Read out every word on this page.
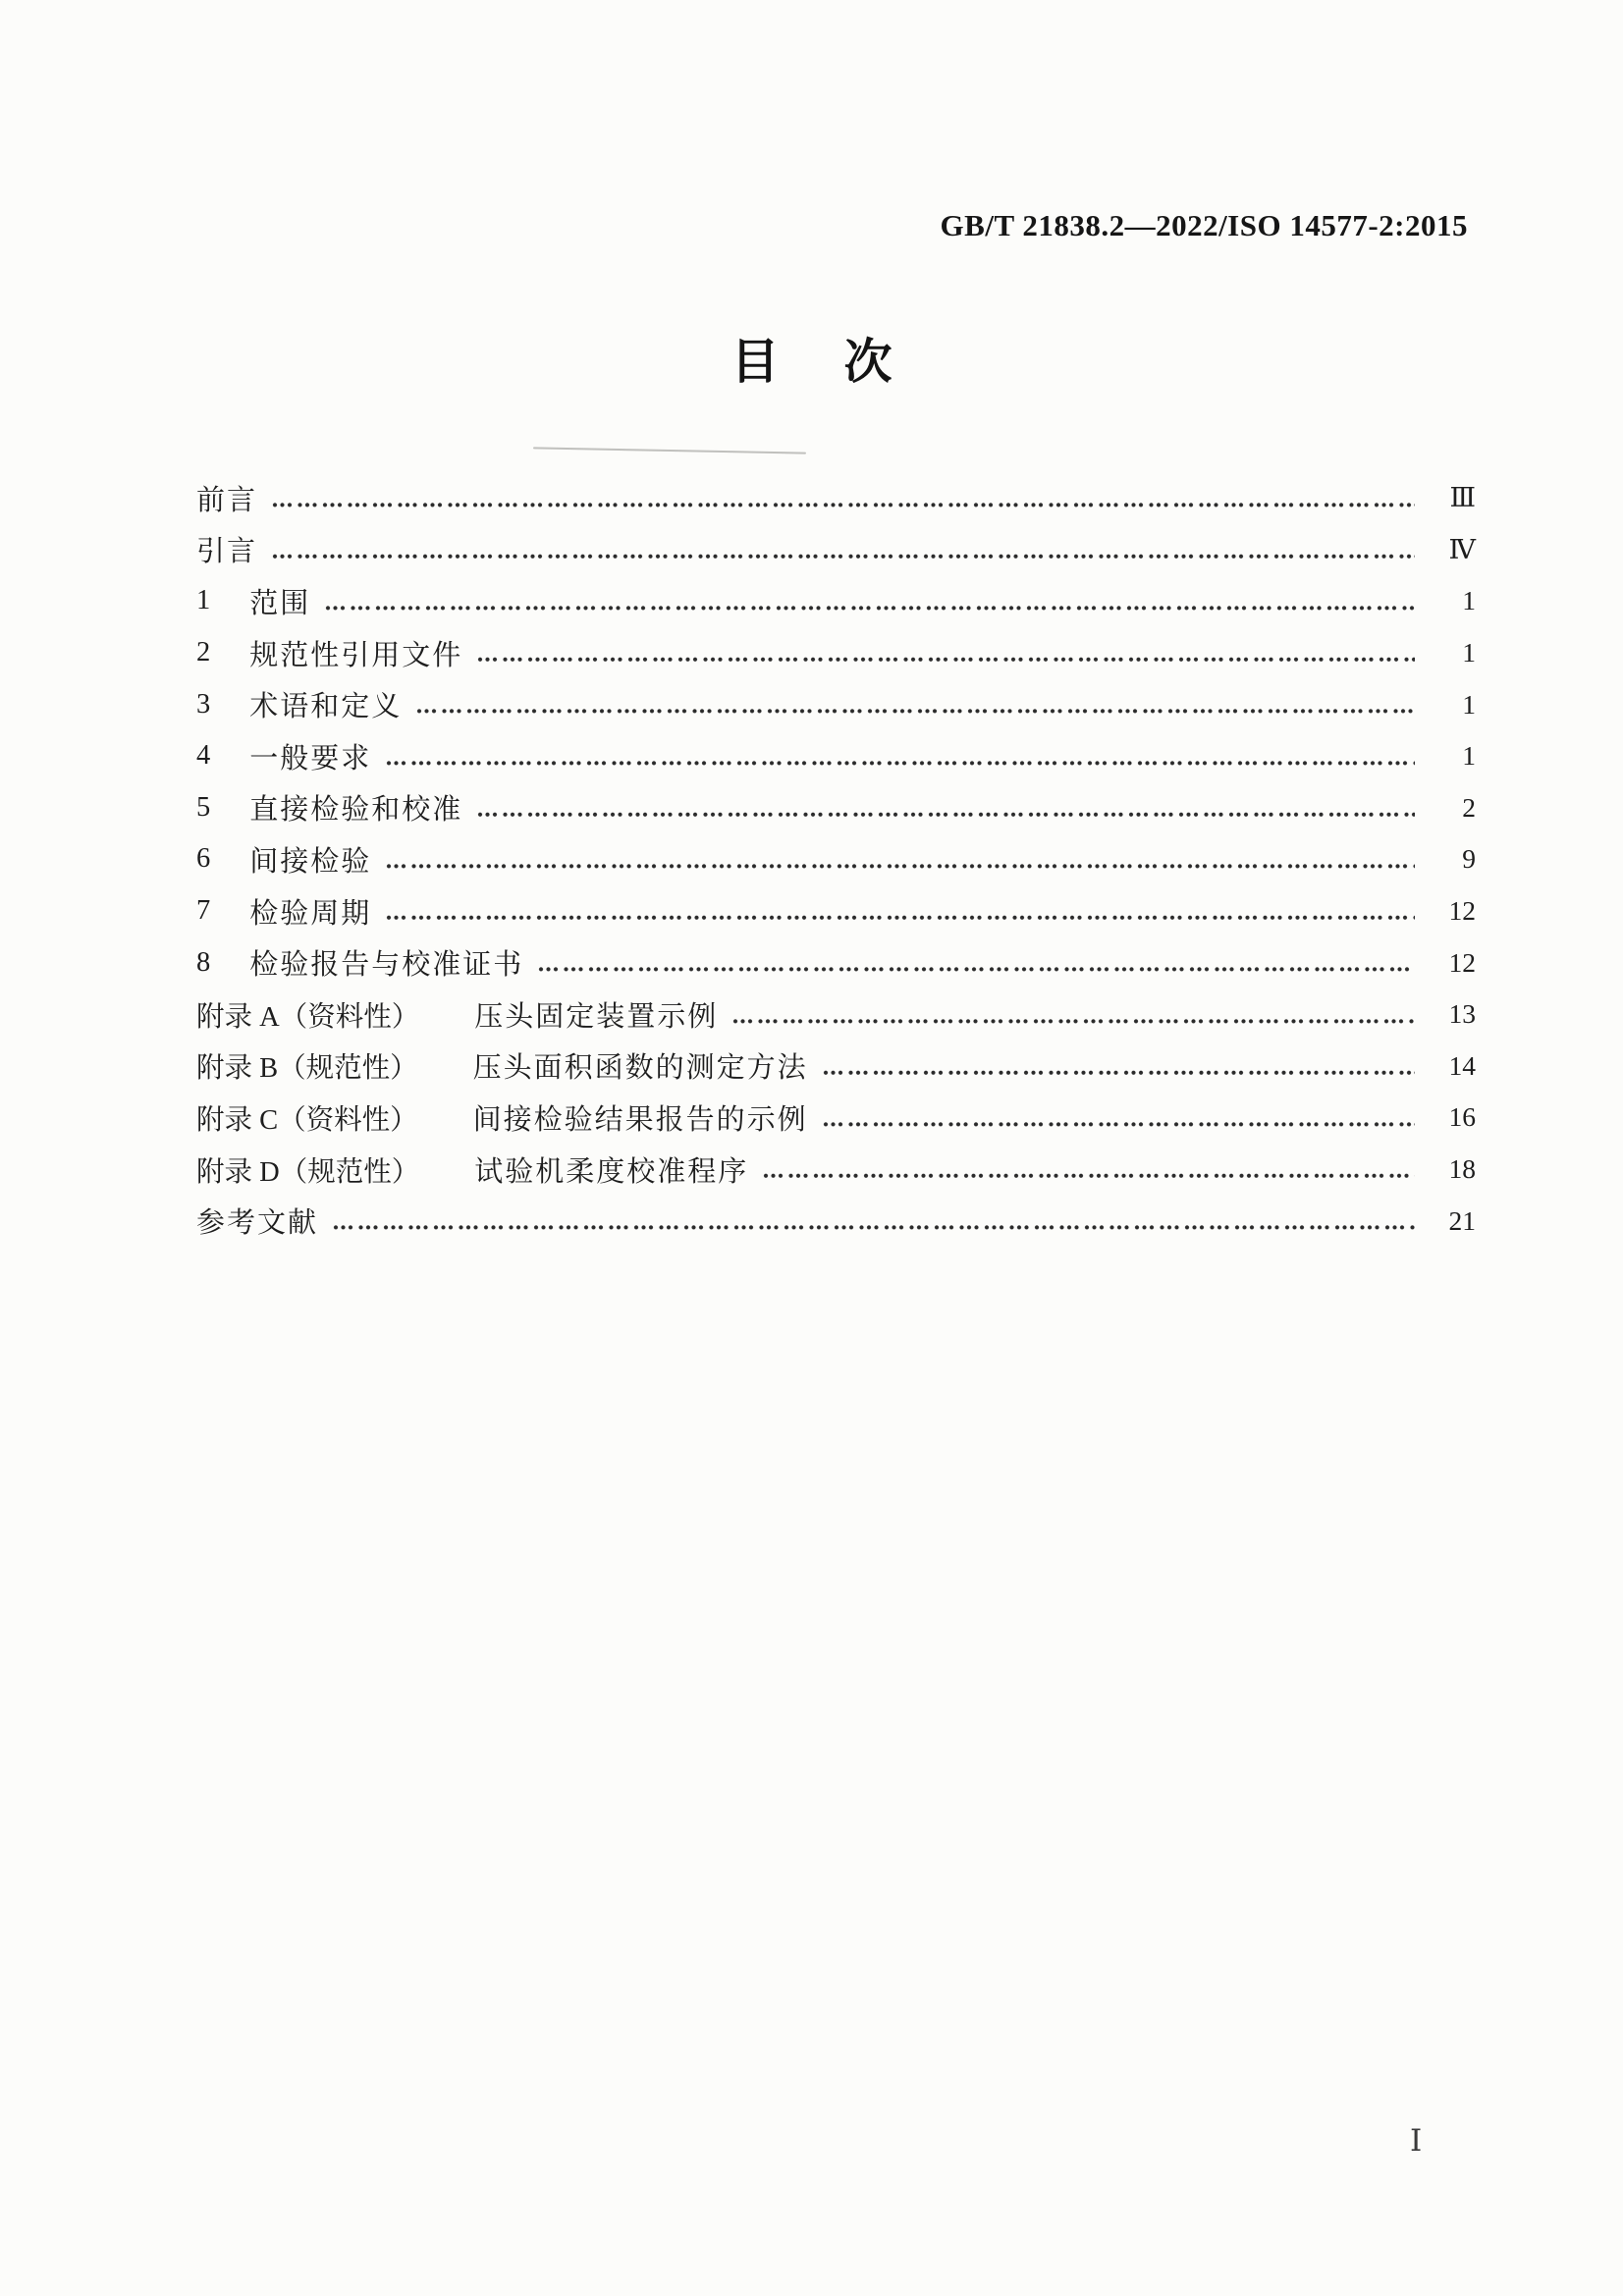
GB/T 21838.2—2022/ISO 14577-2:2015
目 次
前言	Ⅲ
引言	Ⅳ
1 范围	1
2 规范性引用文件	1
3 术语和定义	1
4 一般要求	1
5 直接检验和校准	2
6 间接检验	9
7 检验周期	12
8 检验报告与校准证书	12
附录 A（资料性） 压头固定装置示例	13
附录 B（规范性） 压头面积函数的测定方法	14
附录 C（资料性） 间接检验结果报告的示例	16
附录 D（规范性） 试验机柔度校准程序	18
参考文献	21
Ⅰ
